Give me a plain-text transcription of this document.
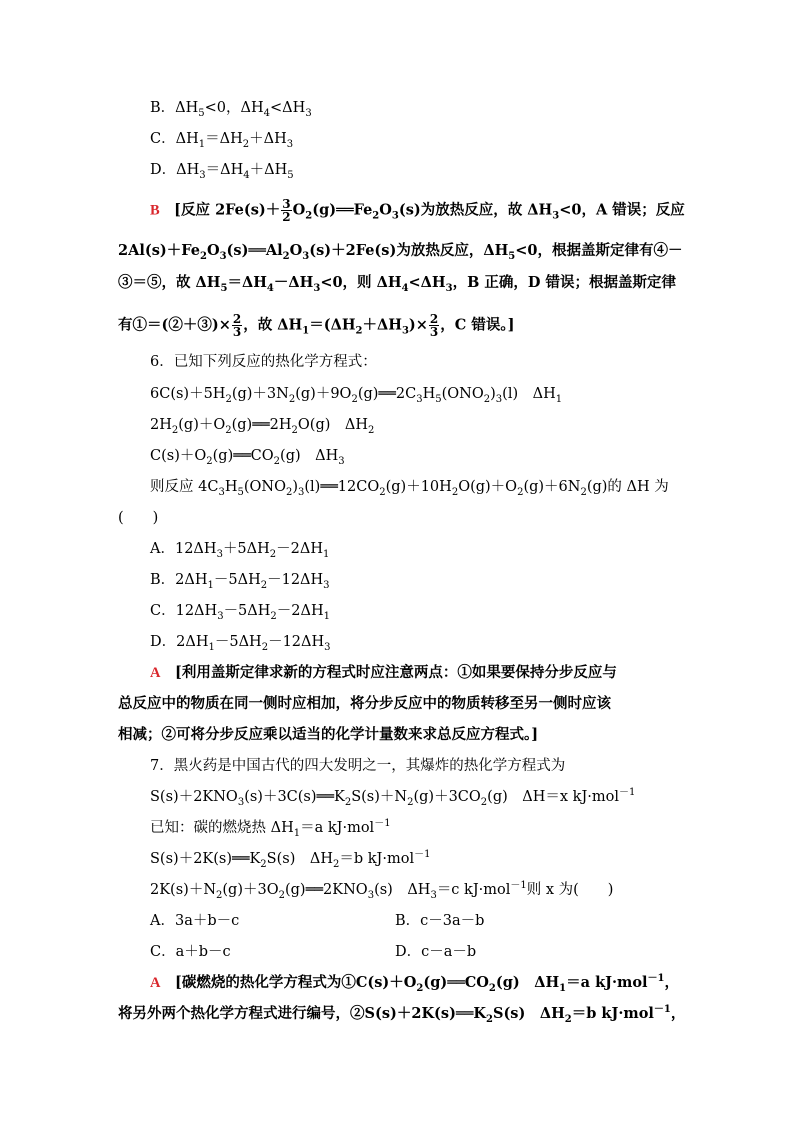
B．$\Delta H_5<0$，$\Delta H_4<\Delta H_3$
C．$\Delta H_1=\Delta H_2+\Delta H_3$
D．$\Delta H_3=\Delta H_4+\Delta H_5$
B　 [反应 $2Fe(s)+ \frac{3}{2}$ $O_2(g)══Fe_2O_3(s)$为放热反应，故 $\Delta H_3<0$，A 错误；反应
$2Al(s)+Fe_2O_3(s)══Al_2O_3(s)+2Fe(s)$为放热反应，$\Delta H_5<0$，根据盖斯定律有④－
③＝⑤，故 $\Delta H_5=\Delta H_4-\Delta H_3<0$，则 $\Delta H_4<\Delta H_3$，B 正确，D 错误；根据盖斯定律
有①＝(②＋③)× $\frac{2}{3}$ ，故 $\Delta H_1=(\Delta H_2+\Delta H_3)\times \frac{2}{3}$ ，C 错误。]
6．已知下列反应的热化学方程式：
$6C(s)+5H_2(g)+3N_2(g)+9O_2(g)══2C_3H_5(ONO_2)_3(l)$　$\Delta H_1$
$2H_2(g)+O_2(g)══2H_2O(g)$　$\Delta H_2$
$C(s)+O_2(g)══CO_2(g)$　$\Delta H_3$
则反应 $4C_3H_5(ONO_2)_3(l)══12CO_2(g)+10H_2O(g)+O_2(g)+6N_2(g)$的 ΔH 为
(　　)
A．$12\Delta H_3+5\Delta H_2-2\Delta H_1$
B．$2\Delta H_1-5\Delta H_2-12\Delta H_3$
C．$12\Delta H_3-5\Delta H_2-2\Delta H_1$
D．$2\Delta H_1-5\Delta H_2-12\Delta H_3$
A　 [利用盖斯定律求新的方程式时应注意两点：①如果要保持分步反应与
总反应中的物质在同一侧时应相加，将分步反应中的物质转移至另一侧时应该
相减；②可将分步反应乘以适当的化学计量数来求总反应方程式。]
7．黑火药是中国古代的四大发明之一，其爆炸的热化学方程式为
$S(s)+2KNO_3(s)+3C(s)══K_2S(s)+N_2(g)+3CO_2(g)$　ΔH＝x kJ·mol$^{-1}$
已知：碳的燃烧热 $\Delta H_1=a$ kJ·mol$^{-1}$
$S(s)+2K(s)══K_2S(s)$　$\Delta H_2=b$ kJ·mol$^{-1}$
$2K(s)+N_2(g)+3O_2(g)══2KNO_3(s)$　$\Delta H_3=c$ kJ·mol$^{-1}$则 x 为(　　)
A．3a＋b－c	B．c－3a－b
C．a＋b－c	D．c－a－b
A　 [碳燃烧的热化学方程式为$①C(s)+O_2(g)══CO_2(g)$　$\Delta H_1=a$ kJ·mol$^{-1}$，
将另外两个热化学方程式进行编号，$②S(s)+2K(s)══K_2S(s)$　$\Delta H_2=b$ kJ·mol$^{-1}$，
